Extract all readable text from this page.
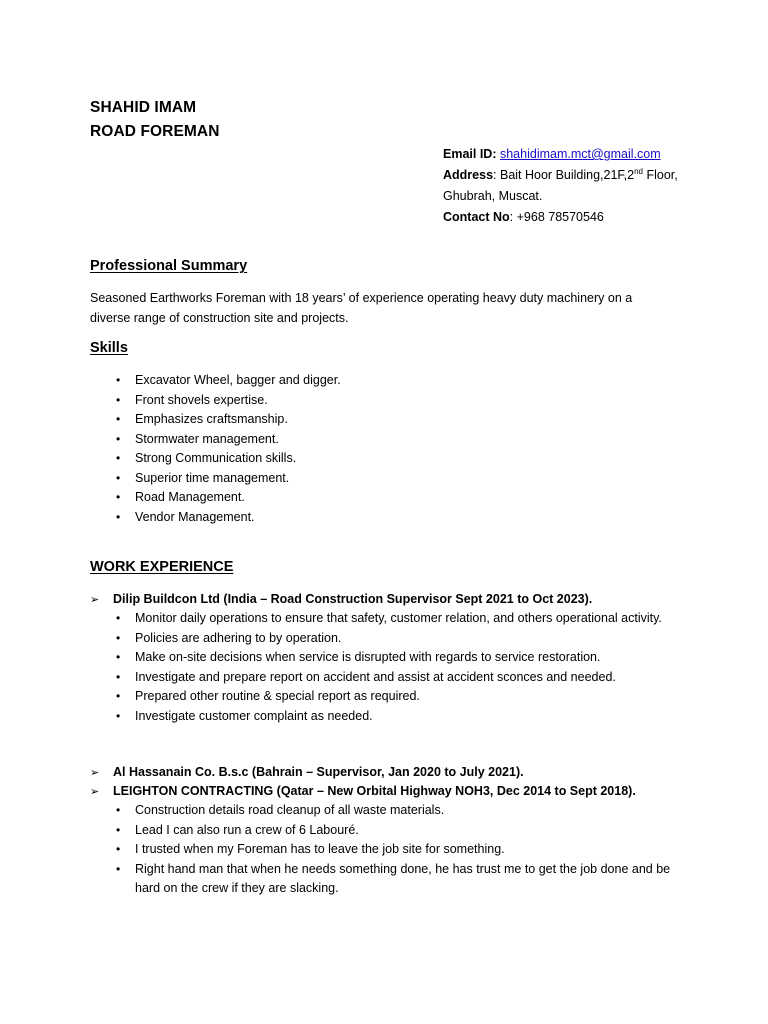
SHAHID IMAM
ROAD FOREMAN
Email ID: shahidimam.mct@gmail.com
Address: Bait Hoor Building,21F,2nd Floor,
Ghubrah, Muscat.
Contact No: +968 78570546
Professional Summary
Seasoned Earthworks Foreman with 18 years’ of experience operating heavy duty machinery on a diverse range of construction site and projects.
Skills
• Excavator Wheel, bagger and digger.
• Front shovels expertise.
• Emphasizes craftsmanship.
• Stormwater management.
• Strong Communication skills.
• Superior time management.
• Road Management.
• Vendor Management.
WORK EXPERIENCE
➢ Dilip Buildcon Ltd (India – Road Construction Supervisor Sept 2021 to Oct 2023).
• Monitor daily operations to ensure that safety, customer relation, and others operational activity.
• Policies are adhering to by operation.
• Make on-site decisions when service is disrupted with regards to service restoration.
• Investigate and prepare report on accident and assist at accident sconces and needed.
• Prepared other routine & special report as required.
• Investigate customer complaint as needed.
➢ Al Hassanain Co. B.s.c (Bahrain – Supervisor, Jan 2020 to July 2021).
➢ LEIGHTON CONTRACTING (Qatar – New Orbital Highway NOH3, Dec 2014 to Sept 2018).
• Construction details road cleanup of all waste materials.
• Lead I can also run a crew of 6 Labouré.
• I trusted when my Foreman has to leave the job site for something.
• Right hand man that when he needs something done, he has trust me to get the job done and be hard on the crew if they are slacking.
